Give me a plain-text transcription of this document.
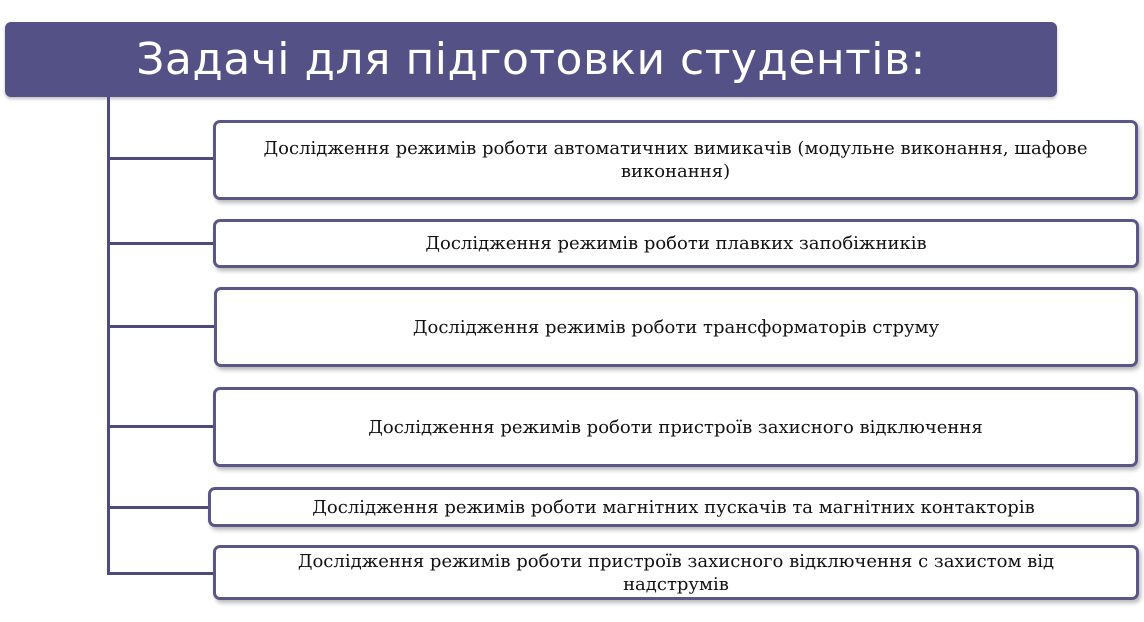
Задачі для підготовки студентів:
Дослідження режимів роботи автоматичних вимикачів (модульне виконання, шафове виконання)
Дослідження режимів роботи плавких запобіжників
Дослідження режимів роботи трансформаторів струму
Дослідження режимів роботи пристроїв захисного відключення
Дослідження режимів роботи магнітних пускачів та магнітних контакторів
Дослідження режимів роботи пристроїв захисного відключення с захистом від надструмів
